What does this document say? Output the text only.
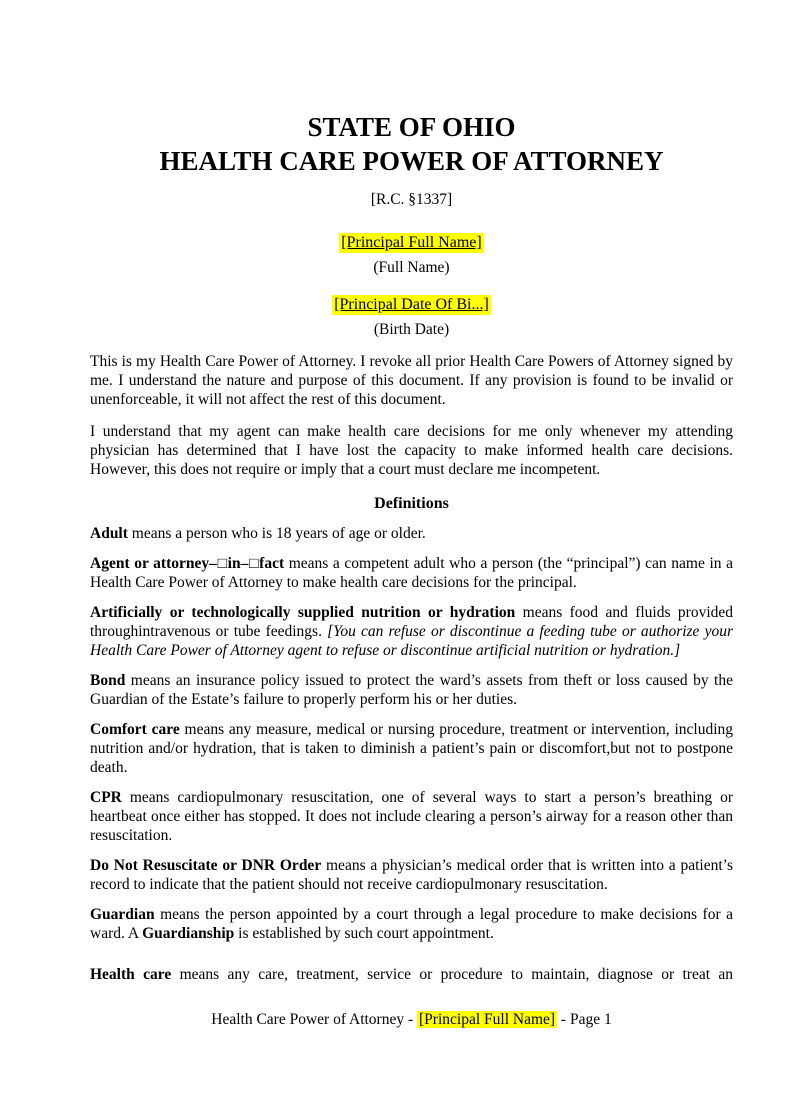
STATE OF OHIO
HEALTH CARE POWER OF ATTORNEY
[R.C. §1337]
[Principal Full Name]
(Full Name)
[Principal Date Of Bi...]
(Birth Date)
This is my Health Care Power of Attorney. I revoke all prior Health Care Powers of Attorney signed by me. I understand the nature and purpose of this document. If any provision is found to be invalid or unenforceable, it will not affect the rest of this document.
I understand that my agent can make health care decisions for me only whenever my attending physician has determined that I have lost the capacity to make informed health care decisions. However, this does not require or imply that a court must declare me incompetent.
Definitions
Adult means a person who is 18 years of age or older.
Agent or attorney–□in–□fact means a competent adult who a person (the “principal”) can name in a Health Care Power of Attorney to make health care decisions for the principal.
Artificially or technologically supplied nutrition or hydration means food and fluids provided throughintravenous or tube feedings. [You can refuse or discontinue a feeding tube or authorize your Health Care Power of Attorney agent to refuse or discontinue artificial nutrition or hydration.]
Bond means an insurance policy issued to protect the ward’s assets from theft or loss caused by the Guardian of the Estate’s failure to properly perform his or her duties.
Comfort care means any measure, medical or nursing procedure, treatment or intervention, including nutrition and/or hydration, that is taken to diminish a patient’s pain or discomfort,but not to postpone death.
CPR means cardiopulmonary resuscitation, one of several ways to start a person’s breathing or heartbeat once either has stopped. It does not include clearing a person’s airway for a reason other than resuscitation.
Do Not Resuscitate or DNR Order means a physician’s medical order that is written into a patient’s record to indicate that the patient should not receive cardiopulmonary resuscitation.
Guardian means the person appointed by a court through a legal procedure to make decisions for a ward. A Guardianship is established by such court appointment.
Health care means any care, treatment, service or procedure to maintain, diagnose or treat an
Health Care Power of Attorney - [Principal Full Name] - Page 1
